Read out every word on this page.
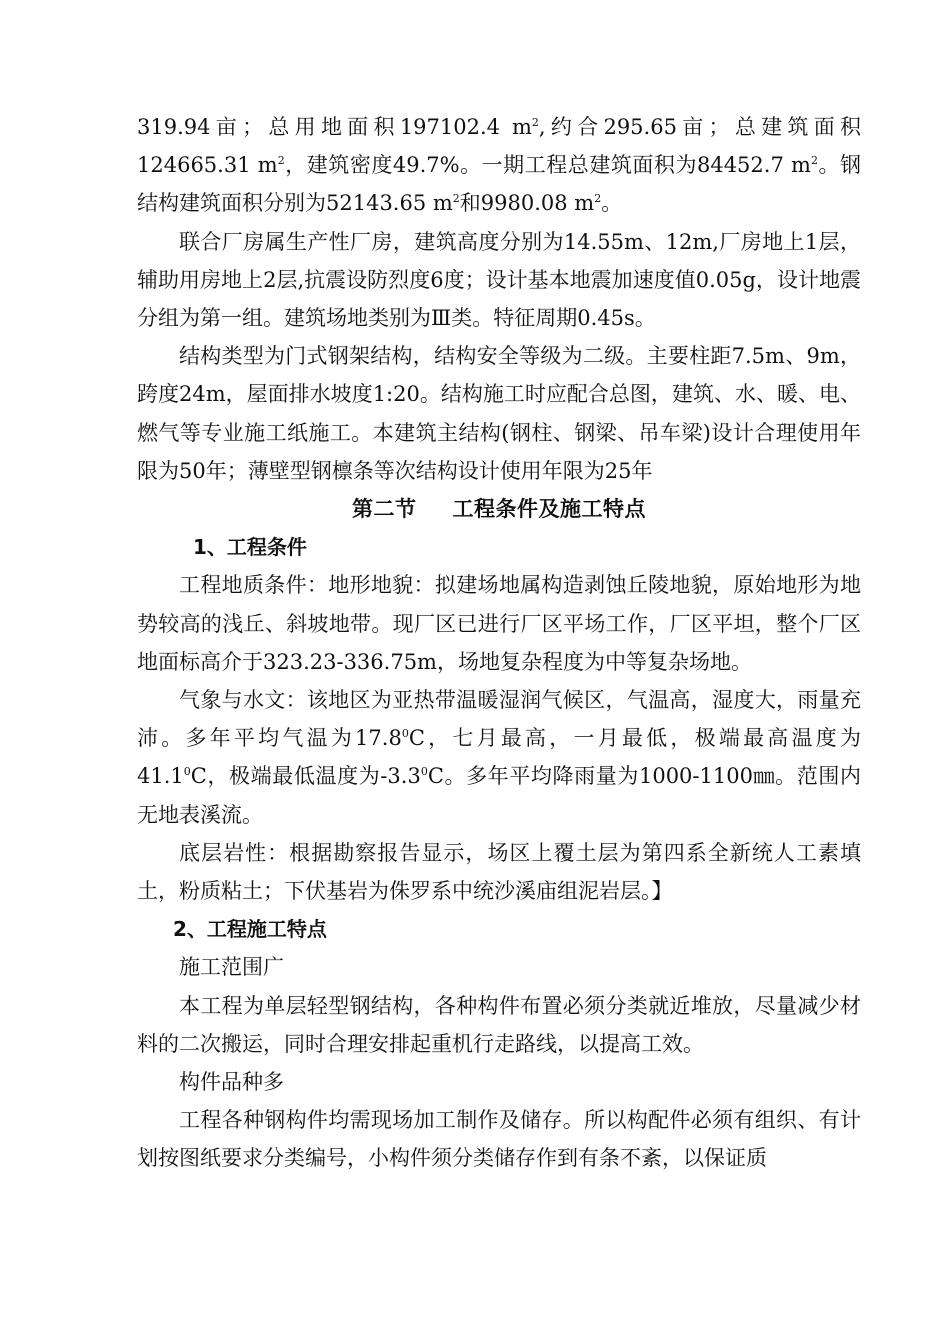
319.94亩；总用地面积197102.4 $m^2$,约合295.65亩；总建筑面积124665.31 $m^2$，建筑密度49.7%。一期工程总建筑面积为84452.7 $m^2$。钢结构建筑面积分别为52143.65 $m^2$和9980.08 $m^2$。

联合厂房属生产性厂房，建筑高度分别为14.55m、12m,厂房地上1层，辅助用房地上2层,抗震设防烈度6度；设计基本地震加速度值0.05g，设计地震分组为第一组。建筑场地类别为Ⅲ类。特征周期0.45s。

结构类型为门式钢架结构，结构安全等级为二级。主要柱距7.5m、9m，跨度24m，屋面排水坡度1:20。结构施工时应配合总图，建筑、水、暖、电、燃气等专业施工纸施工。本建筑主结构(钢柱、钢梁、吊车梁)设计合理使用年限为50年；薄壁型钢檩条等次结构设计使用年限为25年

第二节 工程条件及施工特点

1、工程条件

工程地质条件：地形地貌：拟建场地属构造剥蚀丘陵地貌，原始地形为地势较高的浅丘、斜坡地带。现厂区已进行厂区平场工作，厂区平坦，整个厂区地面标高介于323.23-336.75m，场地复杂程度为中等复杂场地。

气象与水文：该地区为亚热带温暖湿润气候区，气温高，湿度大，雨量充沛。多年平均气温为17.8$^0$C，七月最高，一月最低，极端最高温度为41.1$^0$C，极端最低温度为$-3.3^0C$。多年平均降雨量为1000-1100㎜。范围内无地表溪流。

底层岩性：根据勘察报告显示，场区上覆土层为第四系全新统人工素填土，粉质粘土；下伏基岩为侏罗系中统沙溪庙组泥岩层。】

2、工程施工特点

施工范围广

本工程为单层轻型钢结构，各种构件布置必须分类就近堆放，尽量减少材料的二次搬运，同时合理安排起重机行走路线，以提高工效。

构件品种多

工程各种钢构件均需现场加工制作及储存。所以构配件必须有组织、有计划按图纸要求分类编号，小构件须分类储存作到有条不紊，以保证质
